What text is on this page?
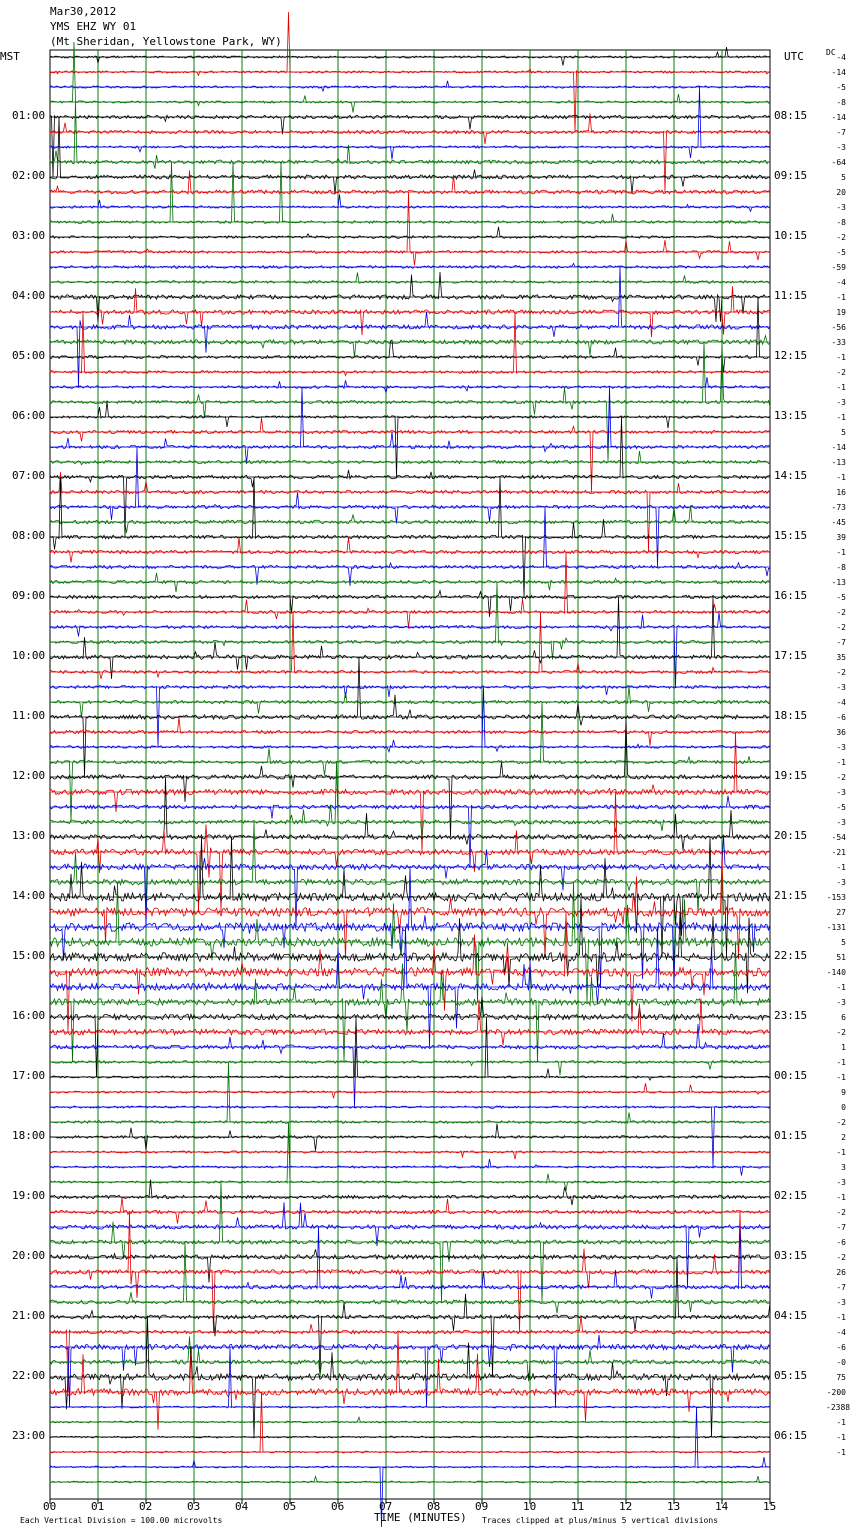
Mar30,2012
YMS EHZ WY 01
(Mt Sheridan, Yellowstone Park, WY)
MST	UTC	DC
01:00
02:00
03:00
04:00
05:00
06:00
07:00
08:00
09:00
10:00
11:00
12:00
13:00
14:00
15:00
16:00
17:00
18:00
19:00
20:00
21:00
22:00
23:00
08:15
09:15
10:15
11:15
12:15
13:15
14:15
15:15
16:15
17:15
18:15
19:15
20:15
21:15
22:15
23:15
00:15
01:15
02:15
03:15
04:15
05:15
06:15
-4
-14
-5
-8
-14
-7
-3
-64
5
20
-3
-8
-2
-5
-59
-4
-1
19
-56
-33
-1
-2
-1
-3
-1
5
-14
-13
-1
16
-73
-45
39
-1
-8
-13
-5
-2
-2
-7
35
-2
-3
-4
-6
36
-3
-1
-2
-3
-5
-3
-54
-21
-1
-3
-153
27
-131
5
51
-140
-1
-3
6
-2
1
-1
-1
9
0
-2
2
-1
3
-3
-1
-2
-7
-6
-2
26
-7
-3
-1
-4
-6
-0
75
-200
-2388
-1
-1
-1
00	01	02	03	04	05	06	07	08	09	10	11	12	13	14	15
TIME (MINUTES)
Each Vertical Division = 100.00 microvolts	Traces clipped at plus/minus 5 vertical divisions
